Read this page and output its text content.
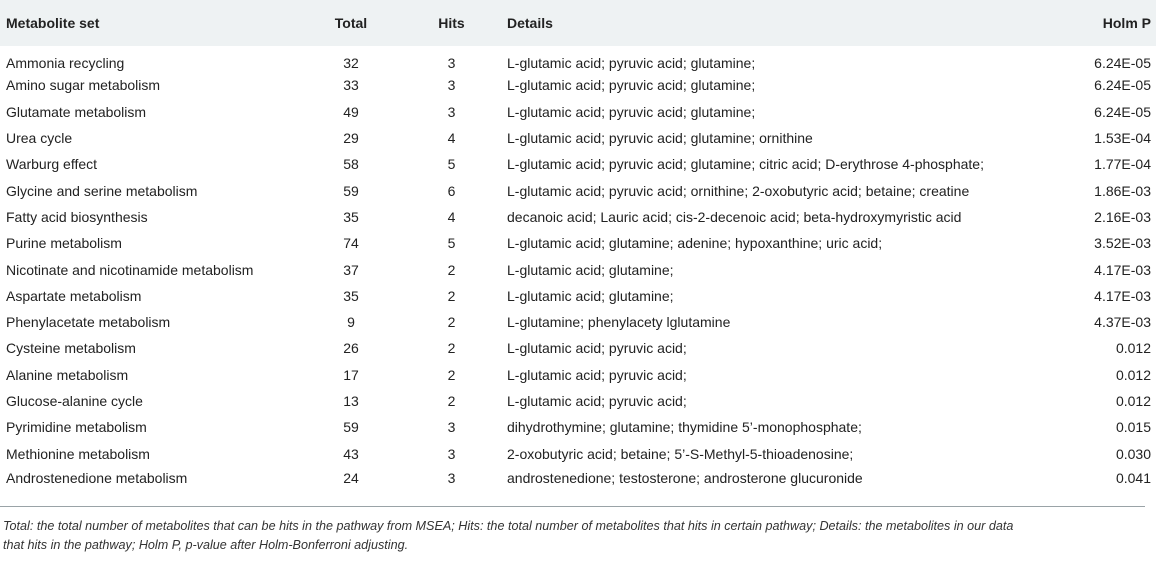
Metabolite set	Total	Hits	Details	Holm P
Ammonia recycling	32	3	L-glutamic acid; pyruvic acid; glutamine;	6.24E-05
Amino sugar metabolism	33	3	L-glutamic acid; pyruvic acid; glutamine;	6.24E-05
Glutamate metabolism	49	3	L-glutamic acid; pyruvic acid; glutamine;	6.24E-05
Urea cycle	29	4	L-glutamic acid; pyruvic acid; glutamine; ornithine	1.53E-04
Warburg effect	58	5	L-glutamic acid; pyruvic acid; glutamine; citric acid; D-erythrose 4-phosphate;	1.77E-04
Glycine and serine metabolism	59	6	L-glutamic acid; pyruvic acid; ornithine; 2-oxobutyric acid; betaine; creatine	1.86E-03
Fatty acid biosynthesis	35	4	decanoic acid; Lauric acid; cis-2-decenoic acid; beta-hydroxymyristic acid	2.16E-03
Purine metabolism	74	5	L-glutamic acid; glutamine; adenine; hypoxanthine; uric acid;	3.52E-03
Nicotinate and nicotinamide metabolism	37	2	L-glutamic acid; glutamine;	4.17E-03
Aspartate metabolism	35	2	L-glutamic acid; glutamine;	4.17E-03
Phenylacetate metabolism	9	2	L-glutamine; phenylacety lglutamine	4.37E-03
Cysteine metabolism	26	2	L-glutamic acid; pyruvic acid;	0.012
Alanine metabolism	17	2	L-glutamic acid; pyruvic acid;	0.012
Glucose-alanine cycle	13	2	L-glutamic acid; pyruvic acid;	0.012
Pyrimidine metabolism	59	3	dihydrothymine; glutamine; thymidine 5’-monophosphate;	0.015
Methionine metabolism	43	3	2-oxobutyric acid; betaine; 5’-S-Methyl-5-thioadenosine;	0.030
Androstenedione metabolism	24	3	androstenedione; testosterone; androsterone glucuronide	0.041
Total: the total number of metabolites that can be hits in the pathway from MSEA; Hits: the total number of metabolites that hits in certain pathway; Details: the metabolites in our data
that hits in the pathway; Holm P, p-value after Holm-Bonferroni adjusting.
